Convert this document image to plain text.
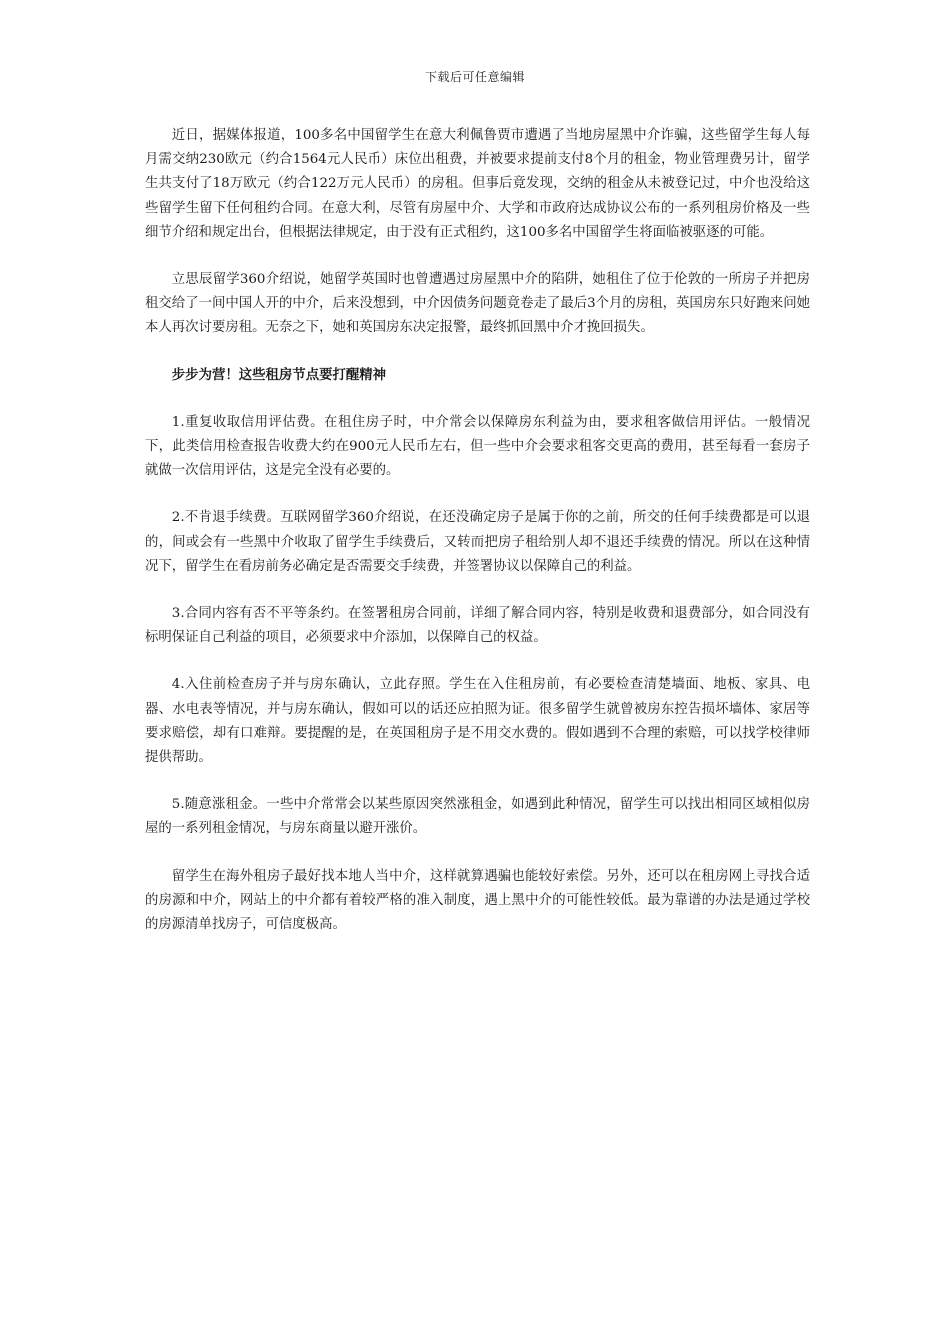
下载后可任意编辑

近日，据媒体报道，100多名中国留学生在意大利佩鲁贾市遭遇了当地房屋黑中介诈骗，这些留学生每人每月需交纳230欧元（约合1564元人民币）床位出租费，并被要求提前支付8个月的租金，物业管理费另计，留学生共支付了18万欧元（约合122万元人民币）的房租。但事后竟发现，交纳的租金从未被登记过，中介也没给这些留学生留下任何租约合同。在意大利，尽管有房屋中介、大学和市政府达成协议公布的一系列租房价格及一些细节介绍和规定出台，但根据法律规定，由于没有正式租约，这100多名中国留学生将面临被驱逐的可能。

立思辰留学360介绍说，她留学英国时也曾遭遇过房屋黑中介的陷阱，她租住了位于伦敦的一所房子并把房租交给了一间中国人开的中介，后来没想到，中介因债务问题竟卷走了最后3个月的房租，英国房东只好跑来问她本人再次讨要房租。无奈之下，她和英国房东决定报警，最终抓回黑中介才挽回损失。

步步为营！这些租房节点要打醒精神

1.重复收取信用评估费。在租住房子时，中介常会以保障房东利益为由，要求租客做信用评估。一般情况下，此类信用检查报告收费大约在900元人民币左右，但一些中介会要求租客交更高的费用，甚至每看一套房子就做一次信用评估，这是完全没有必要的。

2.不肯退手续费。互联网留学360介绍说，在还没确定房子是属于你的之前，所交的任何手续费都是可以退的，间或会有一些黑中介收取了留学生手续费后，又转而把房子租给别人却不退还手续费的情况。所以在这种情况下，留学生在看房前务必确定是否需要交手续费，并签署协议以保障自己的利益。

3.合同内容有否不平等条约。在签署租房合同前，详细了解合同内容，特别是收费和退费部分，如合同没有标明保证自己利益的项目，必须要求中介添加，以保障自己的权益。

4.入住前检查房子并与房东确认，立此存照。学生在入住租房前，有必要检查清楚墙面、地板、家具、电器、水电表等情况，并与房东确认，假如可以的话还应拍照为证。很多留学生就曾被房东控告损坏墙体、家居等要求赔偿，却有口难辩。要提醒的是，在英国租房子是不用交水费的。假如遇到不合理的索赔，可以找学校律师提供帮助。

5.随意涨租金。一些中介常常会以某些原因突然涨租金，如遇到此种情况，留学生可以找出相同区域相似房屋的一系列租金情况，与房东商量以避开涨价。

留学生在海外租房子最好找本地人当中介，这样就算遇骗也能较好索偿。另外，还可以在租房网上寻找合适的房源和中介，网站上的中介都有着较严格的准入制度，遇上黑中介的可能性较低。最为靠谱的办法是通过学校的房源清单找房子，可信度极高。
